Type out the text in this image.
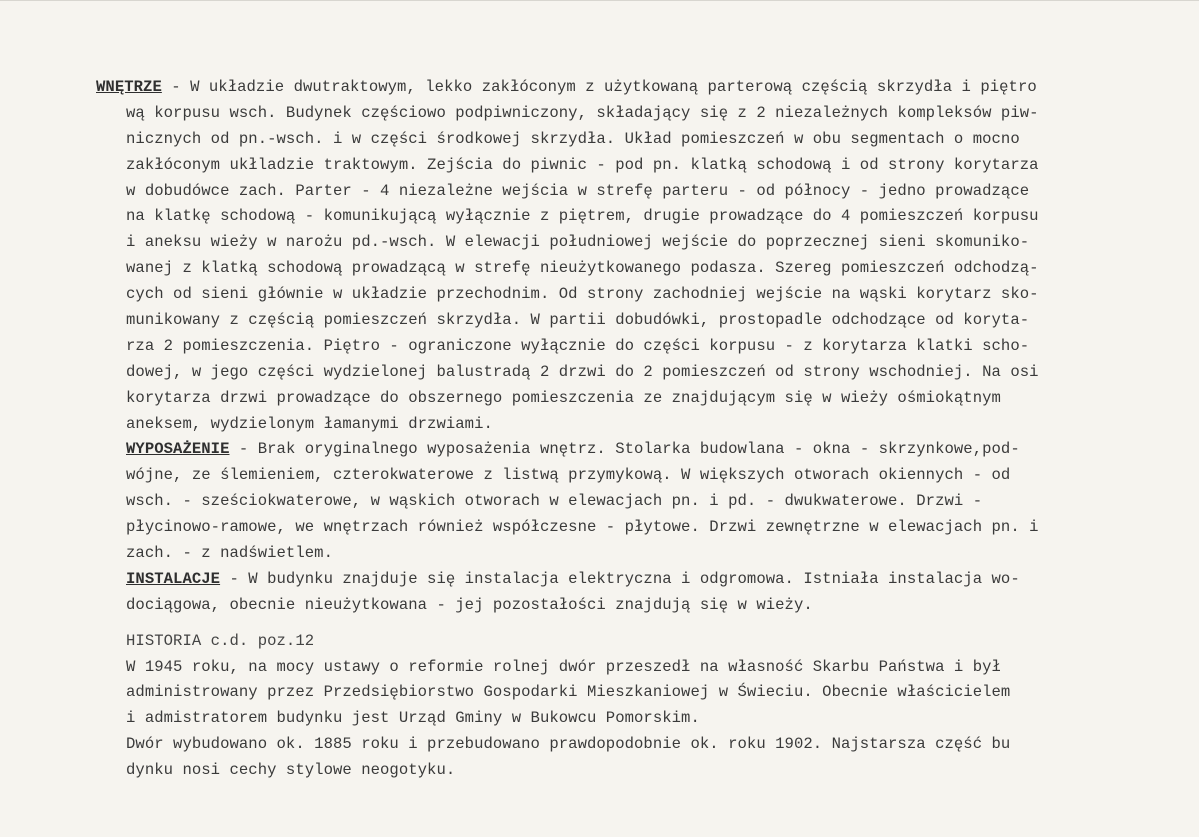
WNĘTRZE - W układzie dwutraktowym, lekko zakłóconym z użytkowaną parterową częścią skrzydła i piętro
wą korpusu wsch. Budynek częściowo podpiwniczony, składający się z 2 niezależnych kompleksów piw-
nicznych od pn.-wsch. i w części środkowej skrzydła. Układ pomieszczeń w obu segmentach o mocno
zakłóconym ukłladzie traktowym. Zejścia do piwnic - pod pn. klatką schodową i od strony korytarza
w dobudówce zach. Parter - 4 niezależne wejścia w strefę parteru - od północy - jedno prowadzące
na klatkę schodową - komunikującą wyłącznie z piętrem, drugie prowadzące do 4 pomieszczeń korpusu
i aneksu wieży w narożu pd.-wsch. W elewacji południowej wejście do poprzecznej sieni skomuniko-
wanej z klatką schodową prowadzącą w strefę nieużytkowanego podasza. Szereg pomieszczeń odchodzą-
cych od sieni głównie w układzie przechodnim. Od strony zachodniej wejście na wąski korytarz sko-
munikowany z częścią pomieszczeń skrzydła. W partii dobudówki, prostopadle odchodzące od koryta-
rza 2 pomieszczenia. Piętro - ograniczone wyłącznie do części korpusu - z korytarza klatki scho-
dowej, w jego części wydzielonej balustradą 2 drzwi do 2 pomieszczeń od strony wschodniej. Na osi
korytarza drzwi prowadzące do obszernego pomieszczenia ze znajdującym się w wieży ośmiokątnym
aneksem, wydzielonym łamanymi drzwiami.
WYPOSAŻENIE - Brak oryginalnego wyposażenia wnętrz. Stolarka budowlana - okna - skrzynkowe,pod-
wójne, ze ślemieniem, czterokwaterowe z listwą przymykową. W większych otworach okiennych - od
wsch. - sześciokwaterowe, w wąskich otworach w elewacjach pn. i pd. - dwukwaterowe. Drzwi -
płycinowo-ramowe, we wnętrzach również współczesne - płytowe. Drzwi zewnętrzne w elewacjach pn. i
zach. - z nadświetlem.
INSTALACJE - W budynku znajduje się instalacja elektryczna i odgromowa. Istniała instalacja wo-
dociągowa, obecnie nieużytkowana - jej pozostałości znajdują się w wieży.
HISTORIA c.d. poz.12
W 1945 roku, na mocy ustawy o reformie rolnej dwór przeszedł na własność Skarbu Państwa i był
administrowany przez Przedsiębiorstwo Gospodarki Mieszkaniowej w Świeciu. Obecnie właścicielem
i admistratorem budynku jest Urząd Gminy w Bukowcu Pomorskim.
Dwór wybudowano ok. 1885 roku i przebudowano prawdopodobnie ok. roku 1902. Najstarsza część bu
dynku nosi cechy stylowe neogotyku.
